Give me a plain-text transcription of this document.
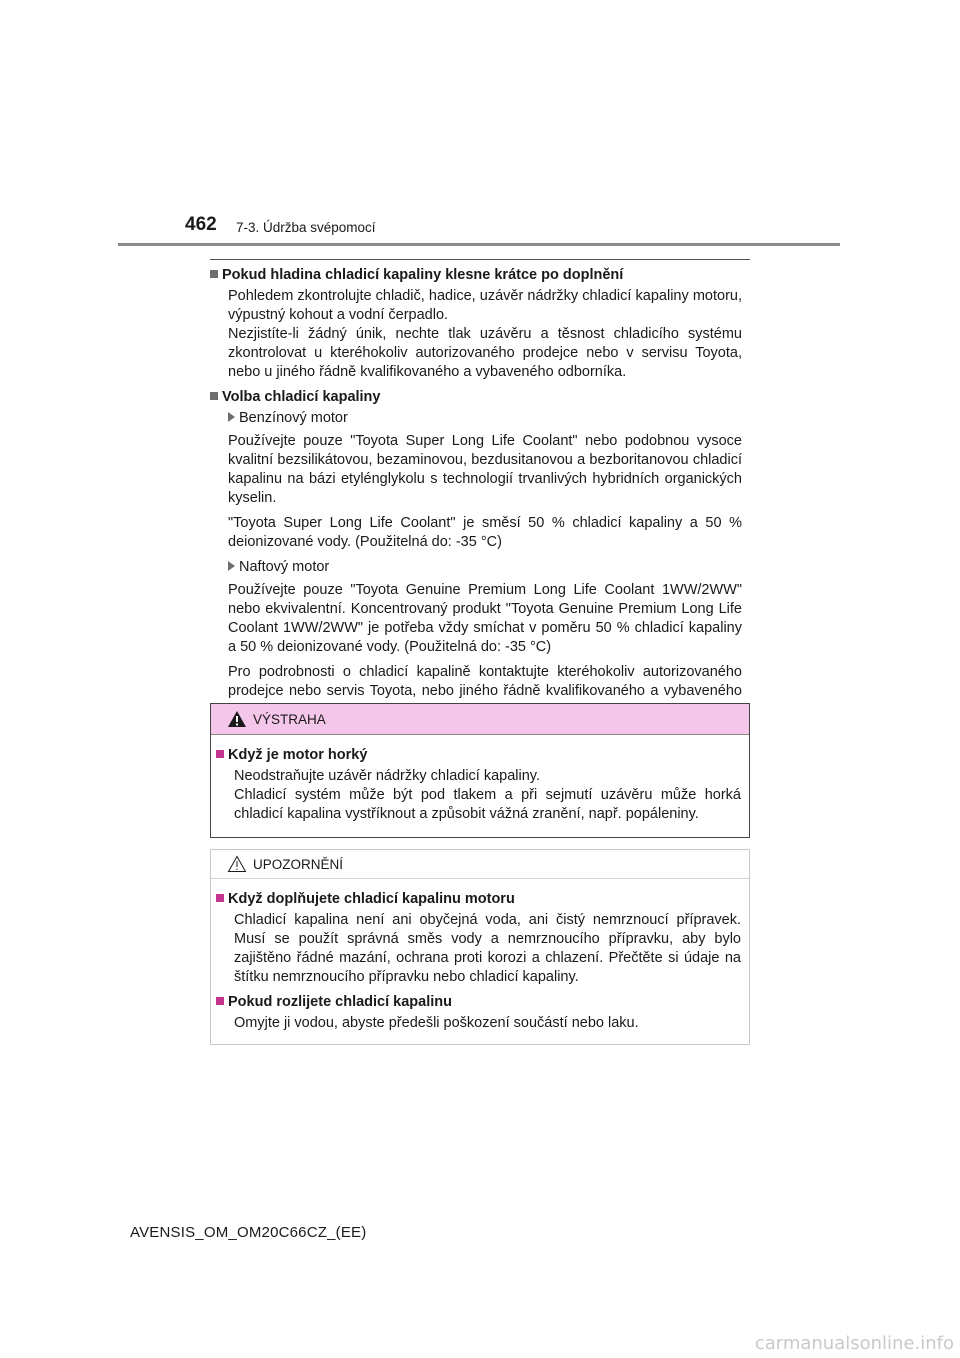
462 7-3. Údržba svépomocí
Pokud hladina chladicí kapaliny klesne krátce po doplnění
Pohledem zkontrolujte chladič, hadice, uzávěr nádržky chladicí kapaliny motoru, výpustný kohout a vodní čerpadlo.
Nezjistíte-li žádný únik, nechte tlak uzávěru a těsnost chladicího systému zkontrolovat u kteréhokoliv autorizovaného prodejce nebo v servisu Toyota, nebo u jiného řádně kvalifikovaného a vybaveného odborníka.
Volba chladicí kapaliny
Benzínový motor
Používejte pouze "Toyota Super Long Life Coolant" nebo podobnou vysoce kvalitní bezsilikátovou, bezaminovou, bezdusitanovou a bezboritanovou chladicí kapalinu na bázi etylénglykolu s technologií trvanlivých hybridních organických kyselin.
"Toyota Super Long Life Coolant" je směsí 50 % chladicí kapaliny a 50 % deionizované vody. (Použitelná do: -35 °C)
Naftový motor
Používejte pouze "Toyota Genuine Premium Long Life Coolant 1WW/2WW" nebo ekvivalentní. Koncentrovaný produkt "Toyota Genuine Premium Long Life Coolant 1WW/2WW" je potřeba vždy smíchat v poměru 50 % chladicí kapaliny a 50 % deionizované vody. (Použitelná do: -35 °C)
Pro podrobnosti o chladicí kapalině kontaktujte kteréhokoliv autorizovaného prodejce nebo servis Toyota, nebo jiného řádně kvalifikovaného a vybaveného
VÝSTRAHA
Když je motor horký
Neodstraňujte uzávěr nádržky chladicí kapaliny.
Chladicí systém může být pod tlakem a při sejmutí uzávěru může horká chladicí kapalina vystříknout a způsobit vážná zranění, např. popáleniny.
UPOZORNĚNÍ
Když doplňujete chladicí kapalinu motoru
Chladicí kapalina není ani obyčejná voda, ani čistý nemrznoucí přípravek. Musí se použít správná směs vody a nemrznoucího přípravku, aby bylo zajištěno řádné mazání, ochrana proti korozi a chlazení. Přečtěte si údaje na štítku nemrznoucího přípravku nebo chladicí kapaliny.
Pokud rozlijete chladicí kapalinu
Omyjte ji vodou, abyste předešli poškození součástí nebo laku.
AVENSIS_OM_OM20C66CZ_(EE)
carmanualsonline.info
